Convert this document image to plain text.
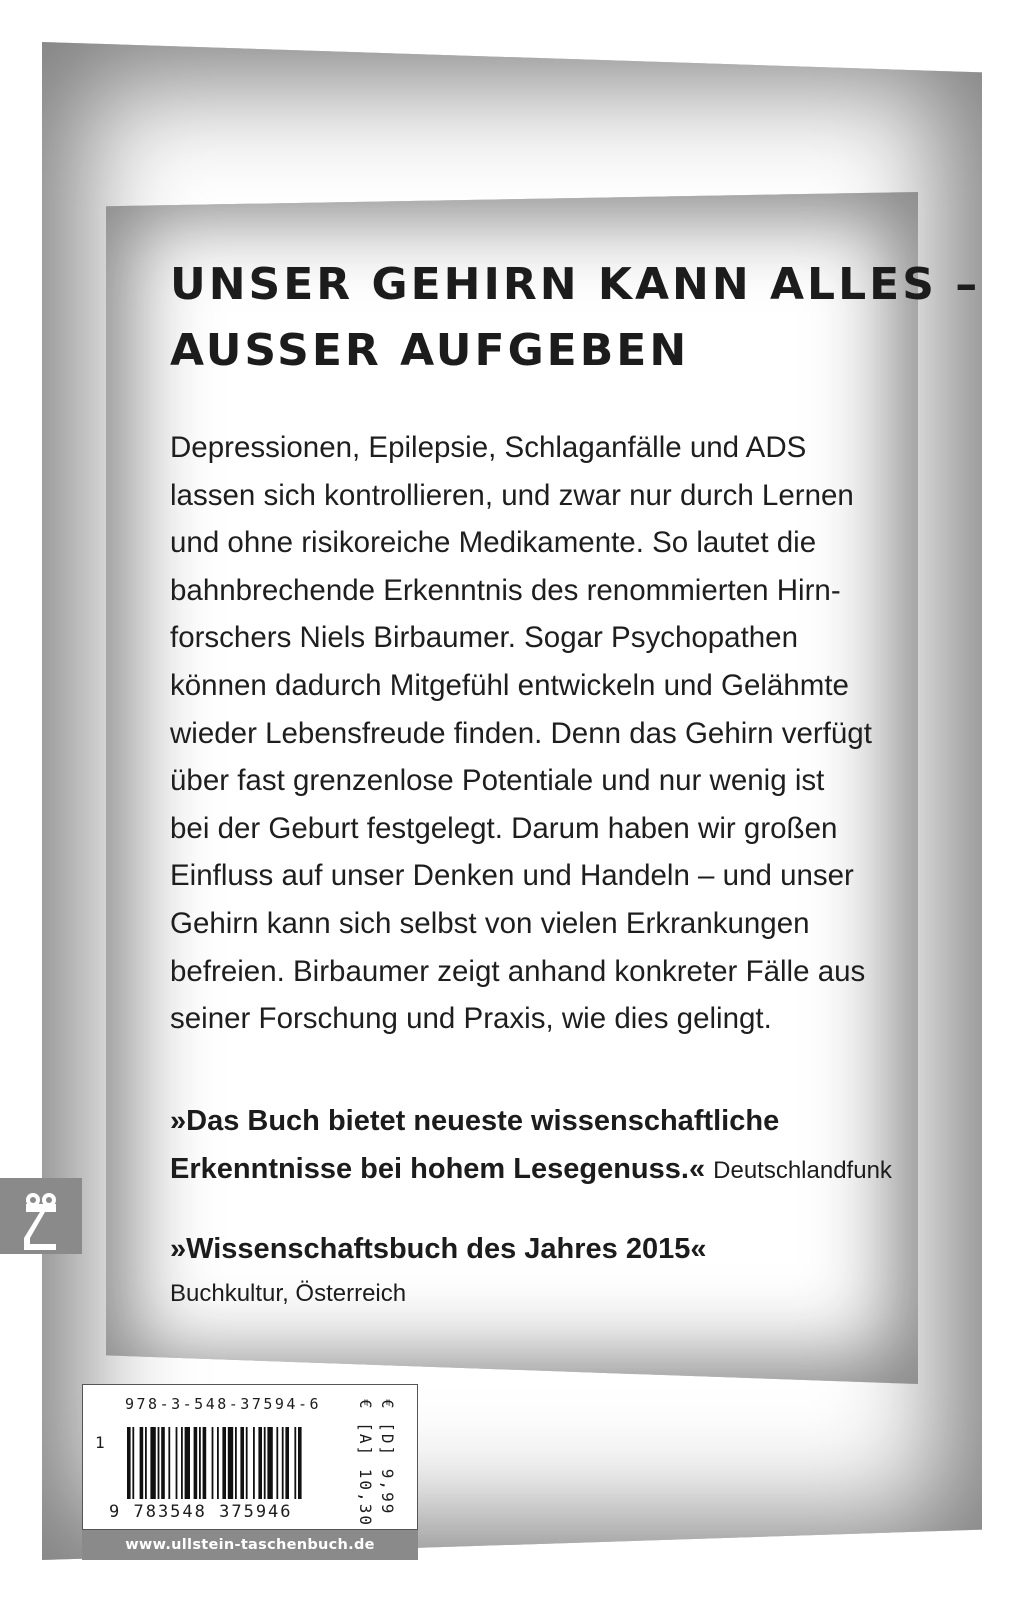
UNSER GEHIRN KANN ALLES –
AUSSER AUFGEBEN
Depressionen, Epilepsie, Schlaganfälle und ADS
lassen sich kontrollieren, und zwar nur durch Lernen
und ohne risikoreiche Medikamente. So lautet die
bahnbrechende Erkenntnis des renommierten Hirn-
forschers Niels Birbaumer. Sogar Psychopathen
können dadurch Mitgefühl entwickeln und Gelähmte
wieder Lebensfreude finden. Denn das Gehirn verfügt
über fast grenzenlose Potentiale und nur wenig ist
bei der Geburt festgelegt. Darum haben wir großen
Einfluss auf unser Denken und Handeln – und unser
Gehirn kann sich selbst von vielen Erkrankungen
befreien. Birbaumer zeigt anhand konkreter Fälle aus
seiner Forschung und Praxis, wie dies gelingt.
»Das Buch bietet neueste wissenschaftliche
Erkenntnisse bei hohem Lesegenuss.« Deutschlandfunk
»Wissenschaftsbuch des Jahres 2015«
Buchkultur, Österreich
978-3-548-37594-6
1
9 783548 375946	€ [D] 9,99
€ [A] 10,30
www.ullstein-taschenbuch.de
